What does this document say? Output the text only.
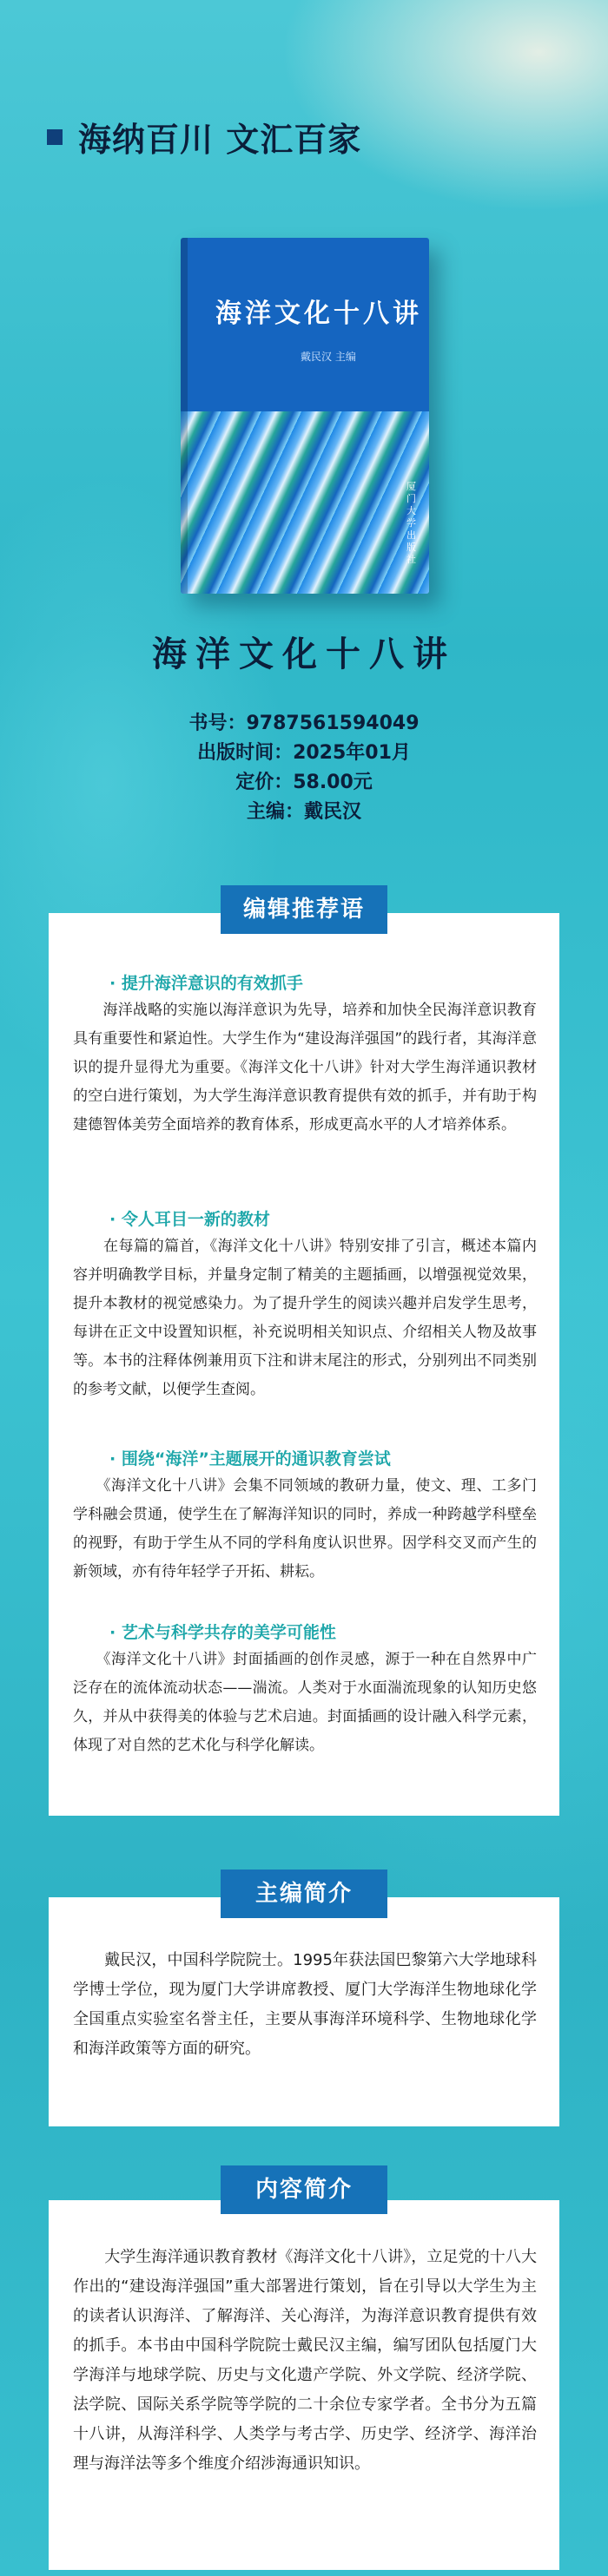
海纳百川 文汇百家
海洋文化十八讲
戴民汉 主编
厦门大学出版社
海洋文化十八讲
书号：9787561594049
出版时间：2025年01月
定价：58.00元
主编：戴民汉
编辑推荐语
· 提升海洋意识的有效抓手

　　海洋战略的实施以海洋意识为先导，培养和加快全民海洋意识教育具有重要性和紧迫性。大学生作为“建设海洋强国”的践行者，其海洋意识的提升显得尤为重要。《海洋文化十八讲》针对大学生海洋通识教材的空白进行策划，为大学生海洋意识教育提供有效的抓手，并有助于构建德智体美劳全面培养的教育体系，形成更高水平的人才培养体系。

· 令人耳目一新的教材

　　在每篇的篇首，《海洋文化十八讲》特别安排了引言，概述本篇内容并明确教学目标，并量身定制了精美的主题插画，以增强视觉效果，提升本教材的视觉感染力。为了提升学生的阅读兴趣并启发学生思考，每讲在正文中设置知识框，补充说明相关知识点、介绍相关人物及故事等。本书的注释体例兼用页下注和讲末尾注的形式，分别列出不同类别的参考文献，以便学生查阅。

· 围绕“海洋”主题展开的通识教育尝试

　　《海洋文化十八讲》会集不同领域的教研力量，使文、理、工多门学科融会贯通，使学生在了解海洋知识的同时，养成一种跨越学科壁垒的视野，有助于学生从不同的学科角度认识世界。因学科交叉而产生的新领域，亦有待年轻学子开拓、耕耘。

· 艺术与科学共存的美学可能性

　　《海洋文化十八讲》封面插画的创作灵感，源于一种在自然界中广泛存在的流体流动状态——湍流。人类对于水面湍流现象的认知历史悠久，并从中获得美的体验与艺术启迪。封面插画的设计融入科学元素，体现了对自然的艺术化与科学化解读。

主编简介

　　戴民汉，中国科学院院士。1995年获法国巴黎第六大学地球科学博士学位，现为厦门大学讲席教授、厦门大学海洋生物地球化学全国重点实验室名誉主任，主要从事海洋环境科学、生物地球化学和海洋政策等方面的研究。

内容简介

　　大学生海洋通识教育教材《海洋文化十八讲》，立足党的十八大作出的“建设海洋强国”重大部署进行策划，旨在引导以大学生为主的读者认识海洋、了解海洋、关心海洋，为海洋意识教育提供有效的抓手。本书由中国科学院院士戴民汉主编，编写团队包括厦门大学海洋与地球学院、历史与文化遗产学院、外文学院、经济学院、法学院、国际关系学院等学院的二十余位专家学者。全书分为五篇十八讲，从海洋科学、人类学与考古学、历史学、经济学、海洋治理与海洋法等多个维度介绍涉海通识知识。
